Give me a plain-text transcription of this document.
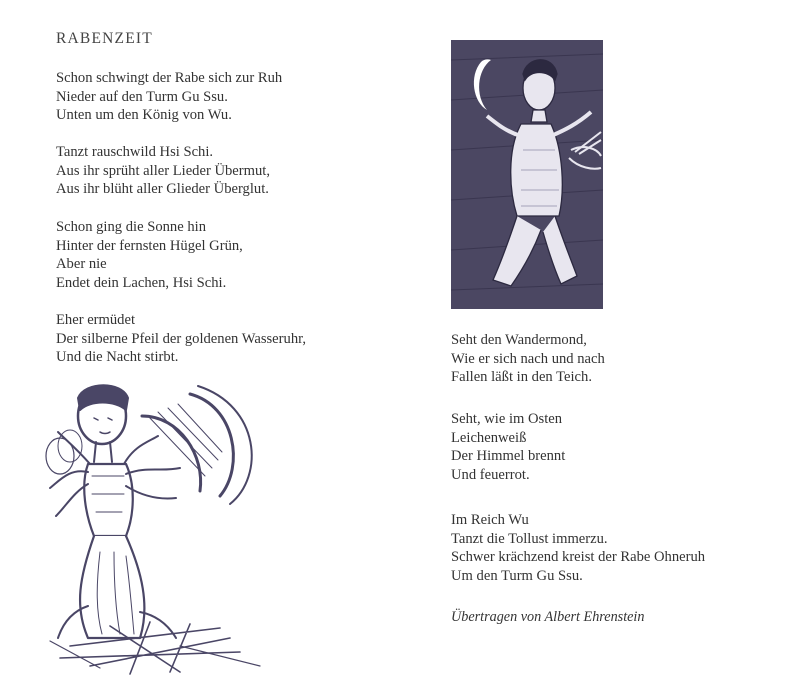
RABENZEIT
Schon schwingt der Rabe sich zur Ruh
Nieder auf den Turm Gu Ssu.
Unten um den König von Wu.
Tanzt rauschwild Hsi Schi.
Aus ihr sprüht aller Lieder Übermut,
Aus ihr blüht aller Glieder Überglut.
Schon ging die Sonne hin
Hinter der fernsten Hügel Grün,
Aber nie
Endet dein Lachen, Hsi Schi.
Eher ermüdet
Der silberne Pfeil der goldenen Wasseruhr,
Und die Nacht stirbt.
Seht den Wandermond,
Wie er sich nach und nach
Fallen läßt in den Teich.
Seht, wie im Osten
Leichenweiß
Der Himmel brennt
Und feuerrot.
Im Reich Wu
Tanzt die Tollust immerzu.
Schwer krächzend kreist der Rabe Ohneruh
Um den Turm Gu Ssu.
Übertragen von Albert Ehrenstein
